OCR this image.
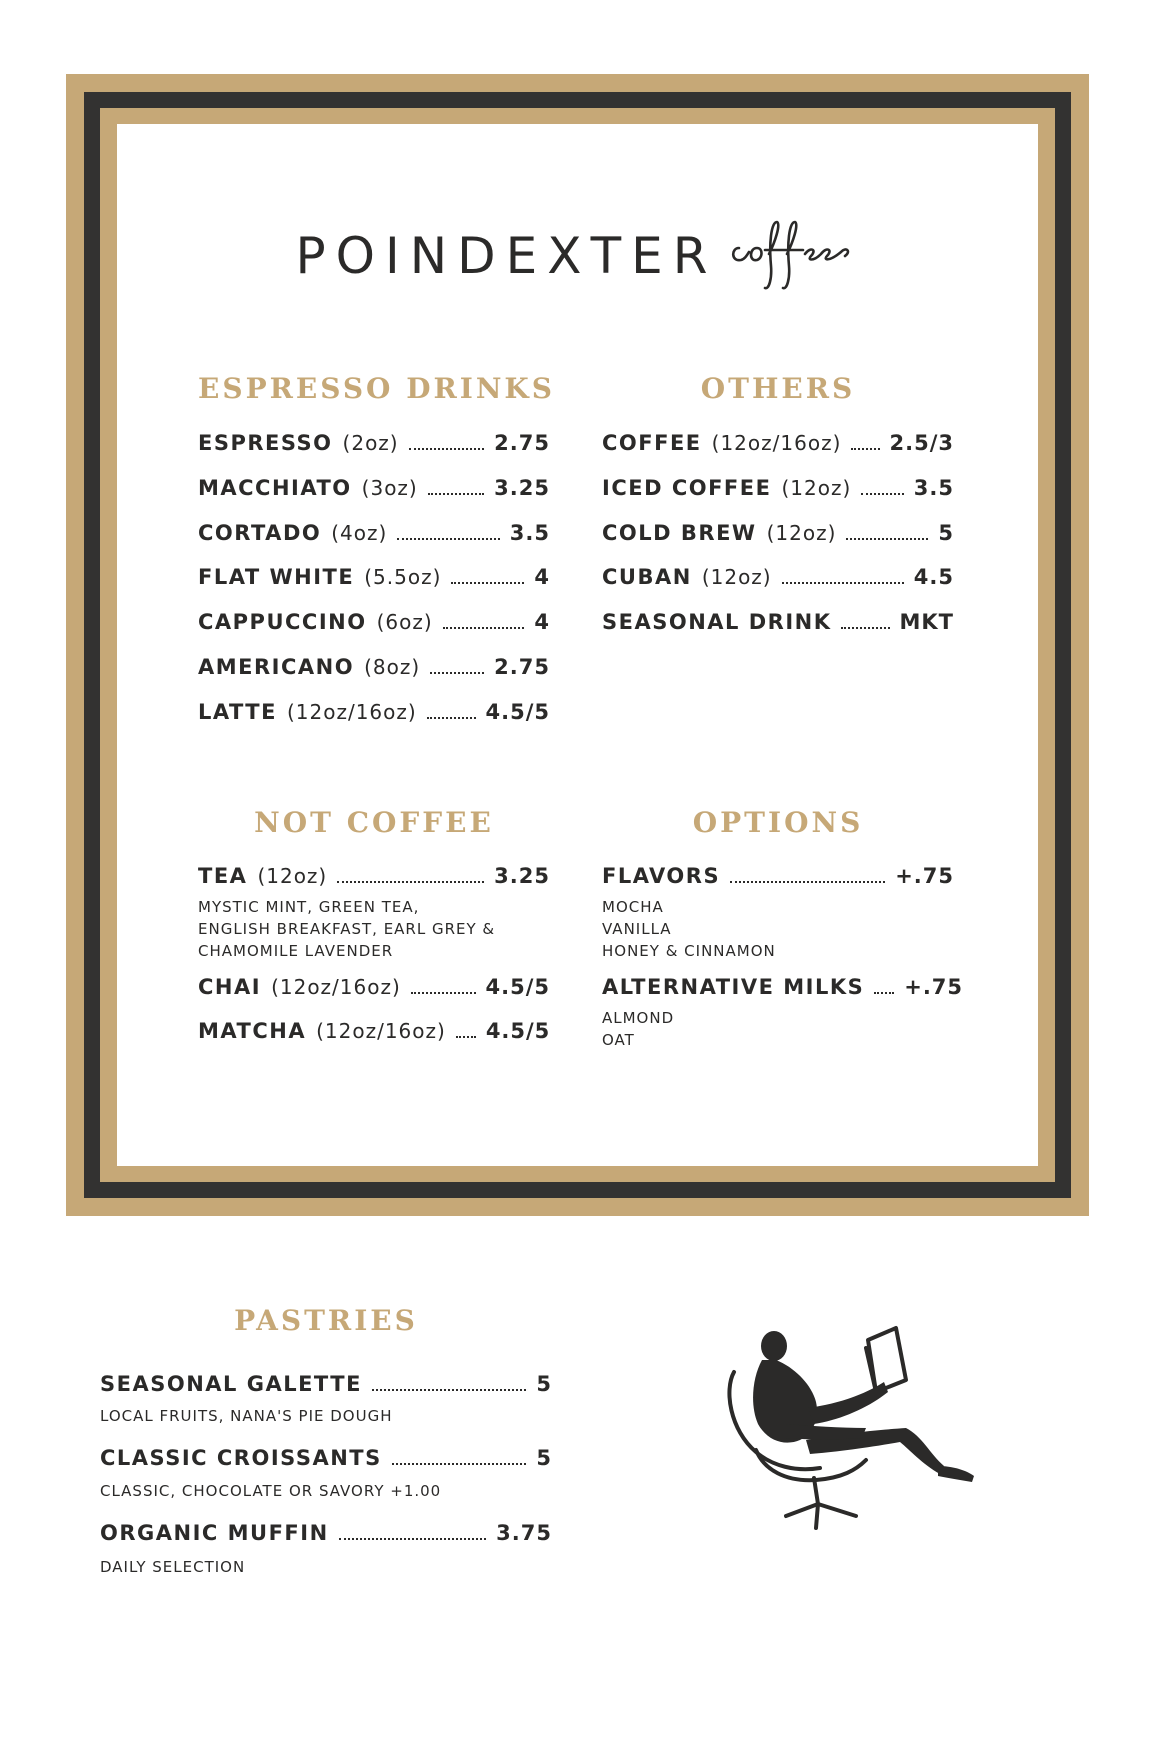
POINDEXTER
ESPRESSO DRINKS
ESPRESSO (2oz)	2.75
MACCHIATO (3oz)	3.25
CORTADO (4oz)	3.5
FLAT WHITE (5.5oz)	4
CAPPUCCINO (6oz)	4
AMERICANO (8oz)	2.75
LATTE (12oz/16oz)	4.5/5
OTHERS
COFFEE (12oz/16oz) 2.5/3
ICED COFFEE (12oz)	3.5
COLD BREW (12oz)	5
CUBAN (12oz)	4.5
SEASONAL DRINK	MKT
NOT COFFEE
TEA (12oz)	3.25
MYSTIC MINT, GREEN TEA,
ENGLISH BREAKFAST, EARL GREY &
CHAMOMILE LAVENDER
CHAI (12oz/16oz)	4.5/5
MATCHA (12oz/16oz) 4.5/5
OPTIONS
FLAVORS	+.75
MOCHA
VANILLA
HONEY & CINNAMON
ALTERNATIVE MILKS +.75
ALMOND
OAT
PASTRIES
SEASONAL GALETTE	5
LOCAL FRUITS, NANA'S PIE DOUGH
CLASSIC CROISSANTS	5
CLASSIC, CHOCOLATE OR SAVORY +1.00
ORGANIC MUFFIN	3.75
DAILY SELECTION
